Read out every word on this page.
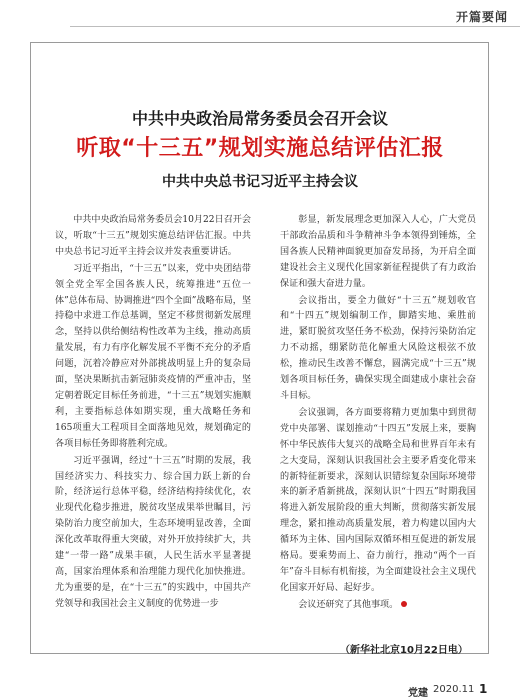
开篇要闻
中共中央政治局常务委员会召开会议
听取“十三五”规划实施总结评估汇报
中共中央总书记习近平主持会议

中共中央政治局常务委员会10月22日召开会议，听取“十三五”规划实施总结评估汇报。中共中央总书记习近平主持会议并发表重要讲话。

习近平指出，“十三五”以来，党中央团结带领全党全军全国各族人民，统筹推进“五位一体”总体布局、协调推进“四个全面”战略布局，坚持稳中求进工作总基调，坚定不移贯彻新发展理念，坚持以供给侧结构性改革为主线，推动高质量发展，有力有序化解发展不平衡不充分的矛盾问题，沉着冷静应对外部挑战明显上升的复杂局面，坚决果断抗击新冠肺炎疫情的严重冲击，坚定朝着既定目标任务前进，“十三五”规划实施顺利，主要指标总体如期实现，重大战略任务和165项重大工程项目全面落地见效，规划确定的各项目标任务即将胜利完成。

习近平强调，经过“十三五”时期的发展，我国经济实力、科技实力、综合国力跃上新的台阶，经济运行总体平稳，经济结构持续优化，农业现代化稳步推进，脱贫攻坚成果举世瞩目，污染防治力度空前加大，生态环境明显改善，全面深化改革取得重大突破，对外开放持续扩大，共建“一带一路”成果丰硕，人民生活水平显著提高，国家治理体系和治理能力现代化加快推进。尤为重要的是，在“十三五”的实践中，中国共产党领导和我国社会主义制度的优势进一步

彰显，新发展理念更加深入人心，广大党员干部政治品质和斗争精神斗争本领得到锤炼，全国各族人民精神面貌更加奋发昂扬，为开启全面建设社会主义现代化国家新征程提供了有力政治保证和强大奋进力量。

会议指出，要全力做好“十三五”规划收官和“十四五”规划编制工作，脚踏实地、乘胜前进，紧盯脱贫攻坚任务不松劲，保持污染防治定力不动摇，绷紧防范化解重大风险这根弦不放松，推动民生改善不懈怠，圆满完成“十三五”规划各项目标任务，确保实现全面建成小康社会奋斗目标。

会议强调，各方面要将精力更加集中到贯彻党中央部署、谋划推动“十四五”发展上来，要胸怀中华民族伟大复兴的战略全局和世界百年未有之大变局，深刻认识我国社会主要矛盾变化带来的新特征新要求，深刻认识错综复杂国际环境带来的新矛盾新挑战，深刻认识“十四五”时期我国将进入新发展阶段的重大判断，贯彻落实新发展理念，紧扣推动高质量发展，着力构建以国内大循环为主体、国内国际双循环相互促进的新发展格局。要乘势而上、奋力前行，推动“两个一百年”奋斗目标有机衔接，为全面建设社会主义现代化国家开好局、起好步。

会议还研究了其他事项。

（新华社北京10月22日电）
党建 2020.11 1
